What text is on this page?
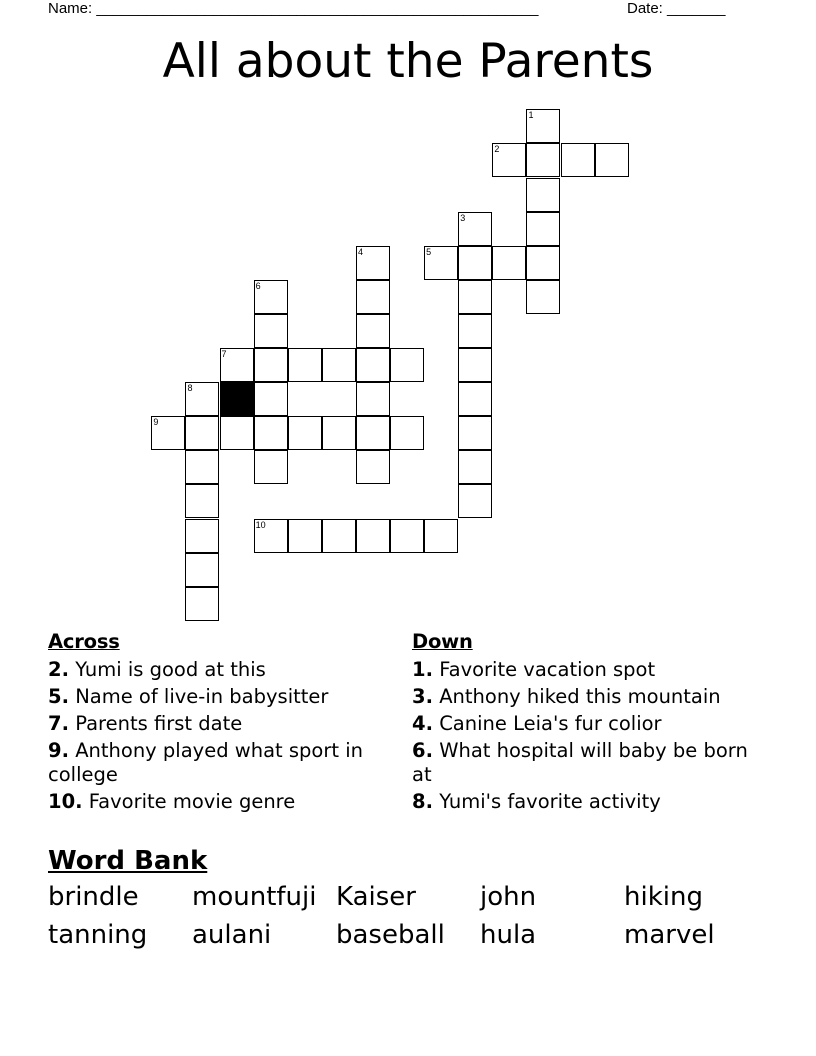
Name: _____________________________________________________	Date: _______
All about the Parents
1
2
3
4	5
6
7
8
9
10
Across
2. Yumi is good at this
5. Name of live-in babysitter
7. Parents first date
9. Anthony played what sport in college
10. Favorite movie genre
Down
1. Favorite vacation spot
3. Anthony hiked this mountain
4. Canine Leia's fur colior
6. What hospital will baby be born at
8. Yumi's favorite activity
Word Bank
brindle	mountfuji Kaiser	john	hiking
tanning	aulani	baseball	hula	marvel
